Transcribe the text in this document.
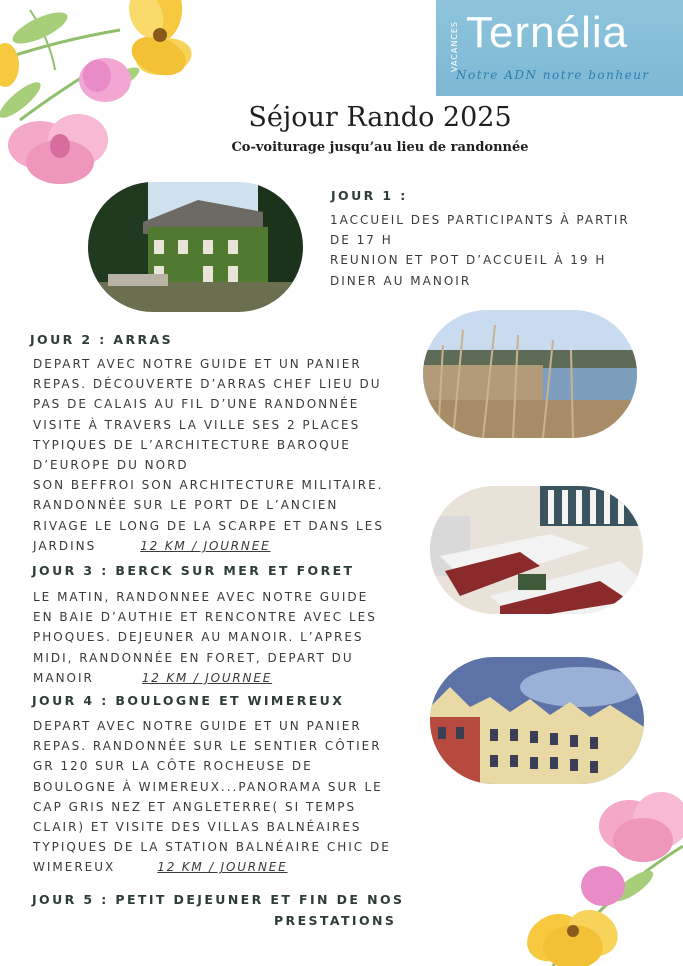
VACANCES Ternélia
Notre ADN notre bonheur
Séjour Rando 2025
Co-voiturage jusqu’au lieu de randonnée
JOUR 1 :
1ACCUEIL DES PARTICIPANTS À PARTIR
DE 17 H
REUNION ET POT D’ACCUEIL À 19 H
DINER AU MANOIR
JOUR 2 : ARRAS
DEPART AVEC NOTRE GUIDE ET UN PANIER
REPAS. DÉCOUVERTE D’ARRAS CHEF LIEU DU
PAS DE CALAIS AU FIL D’UNE RANDONNÉE
VISITE À TRAVERS LA VILLE SES 2 PLACES
TYPIQUES DE L’ARCHITECTURE BAROQUE
D’EUROPE DU NORD
SON BEFFROI SON ARCHITECTURE MILITAIRE.
RANDONNÉE SUR LE PORT DE L’ANCIEN
RIVAGE LE LONG DE LA SCARPE ET DANS LES
JARDINS	12 KM / JOURNEE
JOUR 3 : BERCK SUR MER ET FORET
LE MATIN, RANDONNEE AVEC NOTRE GUIDE
EN BAIE D’AUTHIE ET RENCONTRE AVEC LES
PHOQUES. DEJEUNER AU MANOIR. L’APRES
MIDI, RANDONNÉE EN FORET, DEPART DU
MANOIR	12 KM / JOURNEE
JOUR 4 : BOULOGNE ET WIMEREUX
DEPART AVEC NOTRE GUIDE ET UN PANIER
REPAS. RANDONNÉE SUR LE SENTIER CÔTIER
GR 120 SUR LA CÔTE ROCHEUSE DE
BOULOGNE À WIMEREUX...PANORAMA SUR LE
CAP GRIS NEZ ET ANGLETERRE( SI TEMPS
CLAIR) ET VISITE DES VILLAS BALNÉAIRES
TYPIQUES DE LA STATION BALNÉAIRE CHIC DE
WIMEREUX	12 KM / JOURNEE
JOUR 5 : PETIT DEJEUNER ET FIN DE NOS
PRESTATIONS
